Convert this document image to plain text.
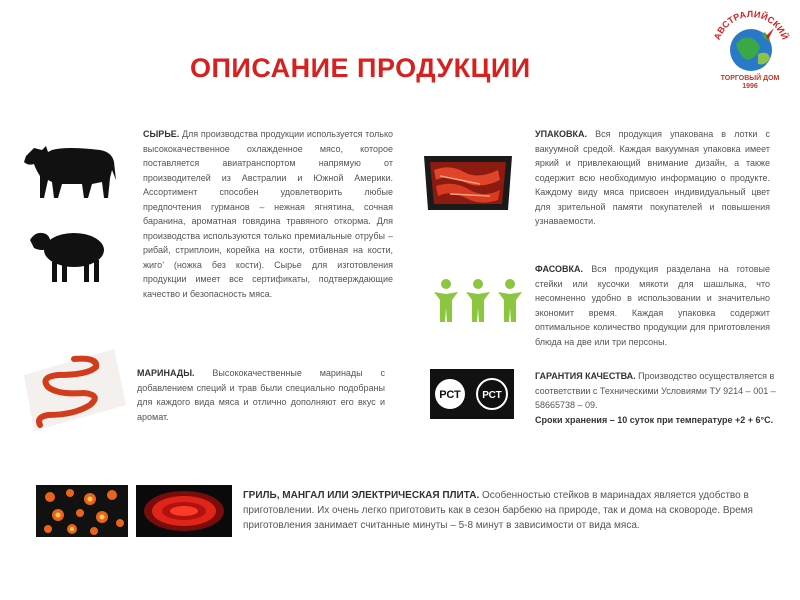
ОПИСАНИЕ ПРОДУКЦИИ
АВСТРАЛИЙСКИЙ
ТОРГОВЫЙ ДОМ
1996
РСТ РСТ
СЫРЬЕ. Для производства продукции используется только высококачественное охлажденное мясо, которое поставляется авиатранспортом напрямую от производителей из Австралии и Южной Америки. Ассортимент способен удовлетворить любые предпочтения гурманов – нежная ягнятина, сочная баранина, ароматная говядина травяного откорма. Для производства используются только премиальные отрубы – рибай, стриплоин, корейка на кости, отбивная на кости, жиго’ (ножка без кости). Сырье для изготовления продукции имеет все сертификаты, подтверждающие качество и безопасность мяса.
УПАКОВКА. Вся продукция упакована в лотки с вакуумной средой. Каждая вакуумная упаковка имеет яркий и привлекающий внимание дизайн, а также содержит всю необходимую информацию о продукте. Каждому виду мяса присвоен индивидуальный цвет для зрительной памяти покупателей и повышения узнаваемости.
ФАСОВКА. Вся продукция разделана на готовые стейки или кусочки мякоти для шашлыка, что несомненно удобно в использовании и значительно экономит время. Каждая упаковка содержит оптимальное количество продукции для приготовления блюда на две или три персоны.
МАРИНАДЫ. Высококачественные маринады с добавлением специй и трав были специально подобраны для каждого вида мяса и отлично дополняют его вкус и аромат.
ГАРАНТИЯ КАЧЕСТВА. Производство осуществляется в соответствии с Техническими Условиями ТУ 9214 – 001 – 58665738 – 09.
Сроки хранения – 10 суток при температуре +2 + 6°С.
ГРИЛЬ, МАНГАЛ ИЛИ ЭЛЕКТРИЧЕСКАЯ ПЛИТА. Особенностью стейков в маринадах является удобство в приготовлении. Их очень легко приготовить как в сезон барбекю на природе, так и дома на сковороде. Время приготовления занимает считанные минуты – 5-8 минут в зависимости от вида мяса.
